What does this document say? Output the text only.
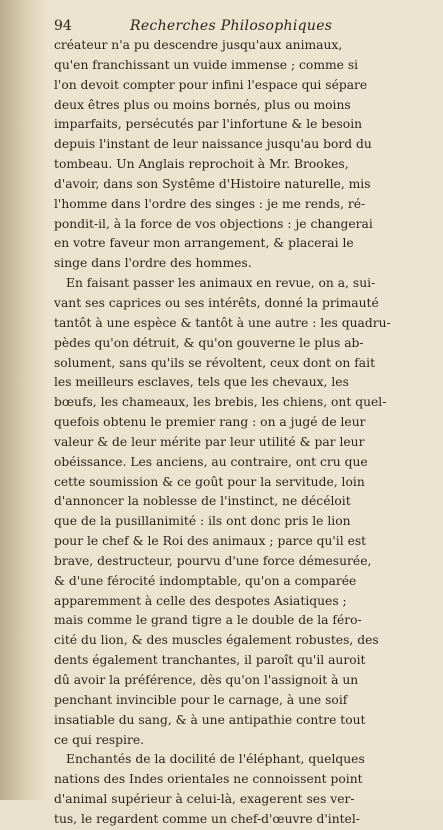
94	Recherches Philosophiques
créateur n'a pu descendre jusqu'aux animaux,
qu'en franchissant un vuide immense ; comme si
l'on devoit compter pour infini l'espace qui sépare
deux êtres plus ou moins bornés, plus ou moins
imparfaits, persécutés par l'infortune & le besoin
depuis l'instant de leur naissance jusqu'au bord du
tombeau. Un Anglais reprochoit à Mr. Brookes,
d'avoir, dans son Systême d'Histoire naturelle, mis
l'homme dans l'ordre des singes : je me rends, ré-
pondit-il, à la force de vos objections : je changerai
en votre faveur mon arrangement, & placerai le
singe dans l'ordre des hommes.
En faisant passer les animaux en revue, on a, sui-
vant ses caprices ou ses intérêts, donné la primauté
tantôt à une espèce & tantôt à une autre : les quadru-
pèdes qu'on détruit, & qu'on gouverne le plus ab-
solument, sans qu'ils se révoltent, ceux dont on fait
les meilleurs esclaves, tels que les chevaux, les
bœufs, les chameaux, les brebis, les chiens, ont quel-
quefois obtenu le premier rang : on a jugé de leur
valeur & de leur mérite par leur utilité & par leur
obéissance. Les anciens, au contraire, ont cru que
cette soumission & ce goût pour la servitude, loin
d'annoncer la noblesse de l'instinct, ne décéloit
que de la pusillanimité : ils ont donc pris le lion
pour le chef & le Roi des animaux ; parce qu'il est
brave, destructeur, pourvu d'une force démesurée,
& d'une férocité indomptable, qu'on a comparée
apparemment à celle des despotes Asiatiques ;
mais comme le grand tigre a le double de la féro-
cité du lion, & des muscles également robustes, des
dents également tranchantes, il paroît qu'il auroit
dû avoir la préférence, dès qu'on l'assignoit à un
penchant invincible pour le carnage, à une soif
insatiable du sang, & à une antipathie contre tout
ce qui respire.
Enchantés de la docilité de l'éléphant, quelques
nations des Indes orientales ne connoissent point
d'animal supérieur à celui-là, exagerent ses ver-
tus, le regardent comme un chef-d'œuvre d'intel-
